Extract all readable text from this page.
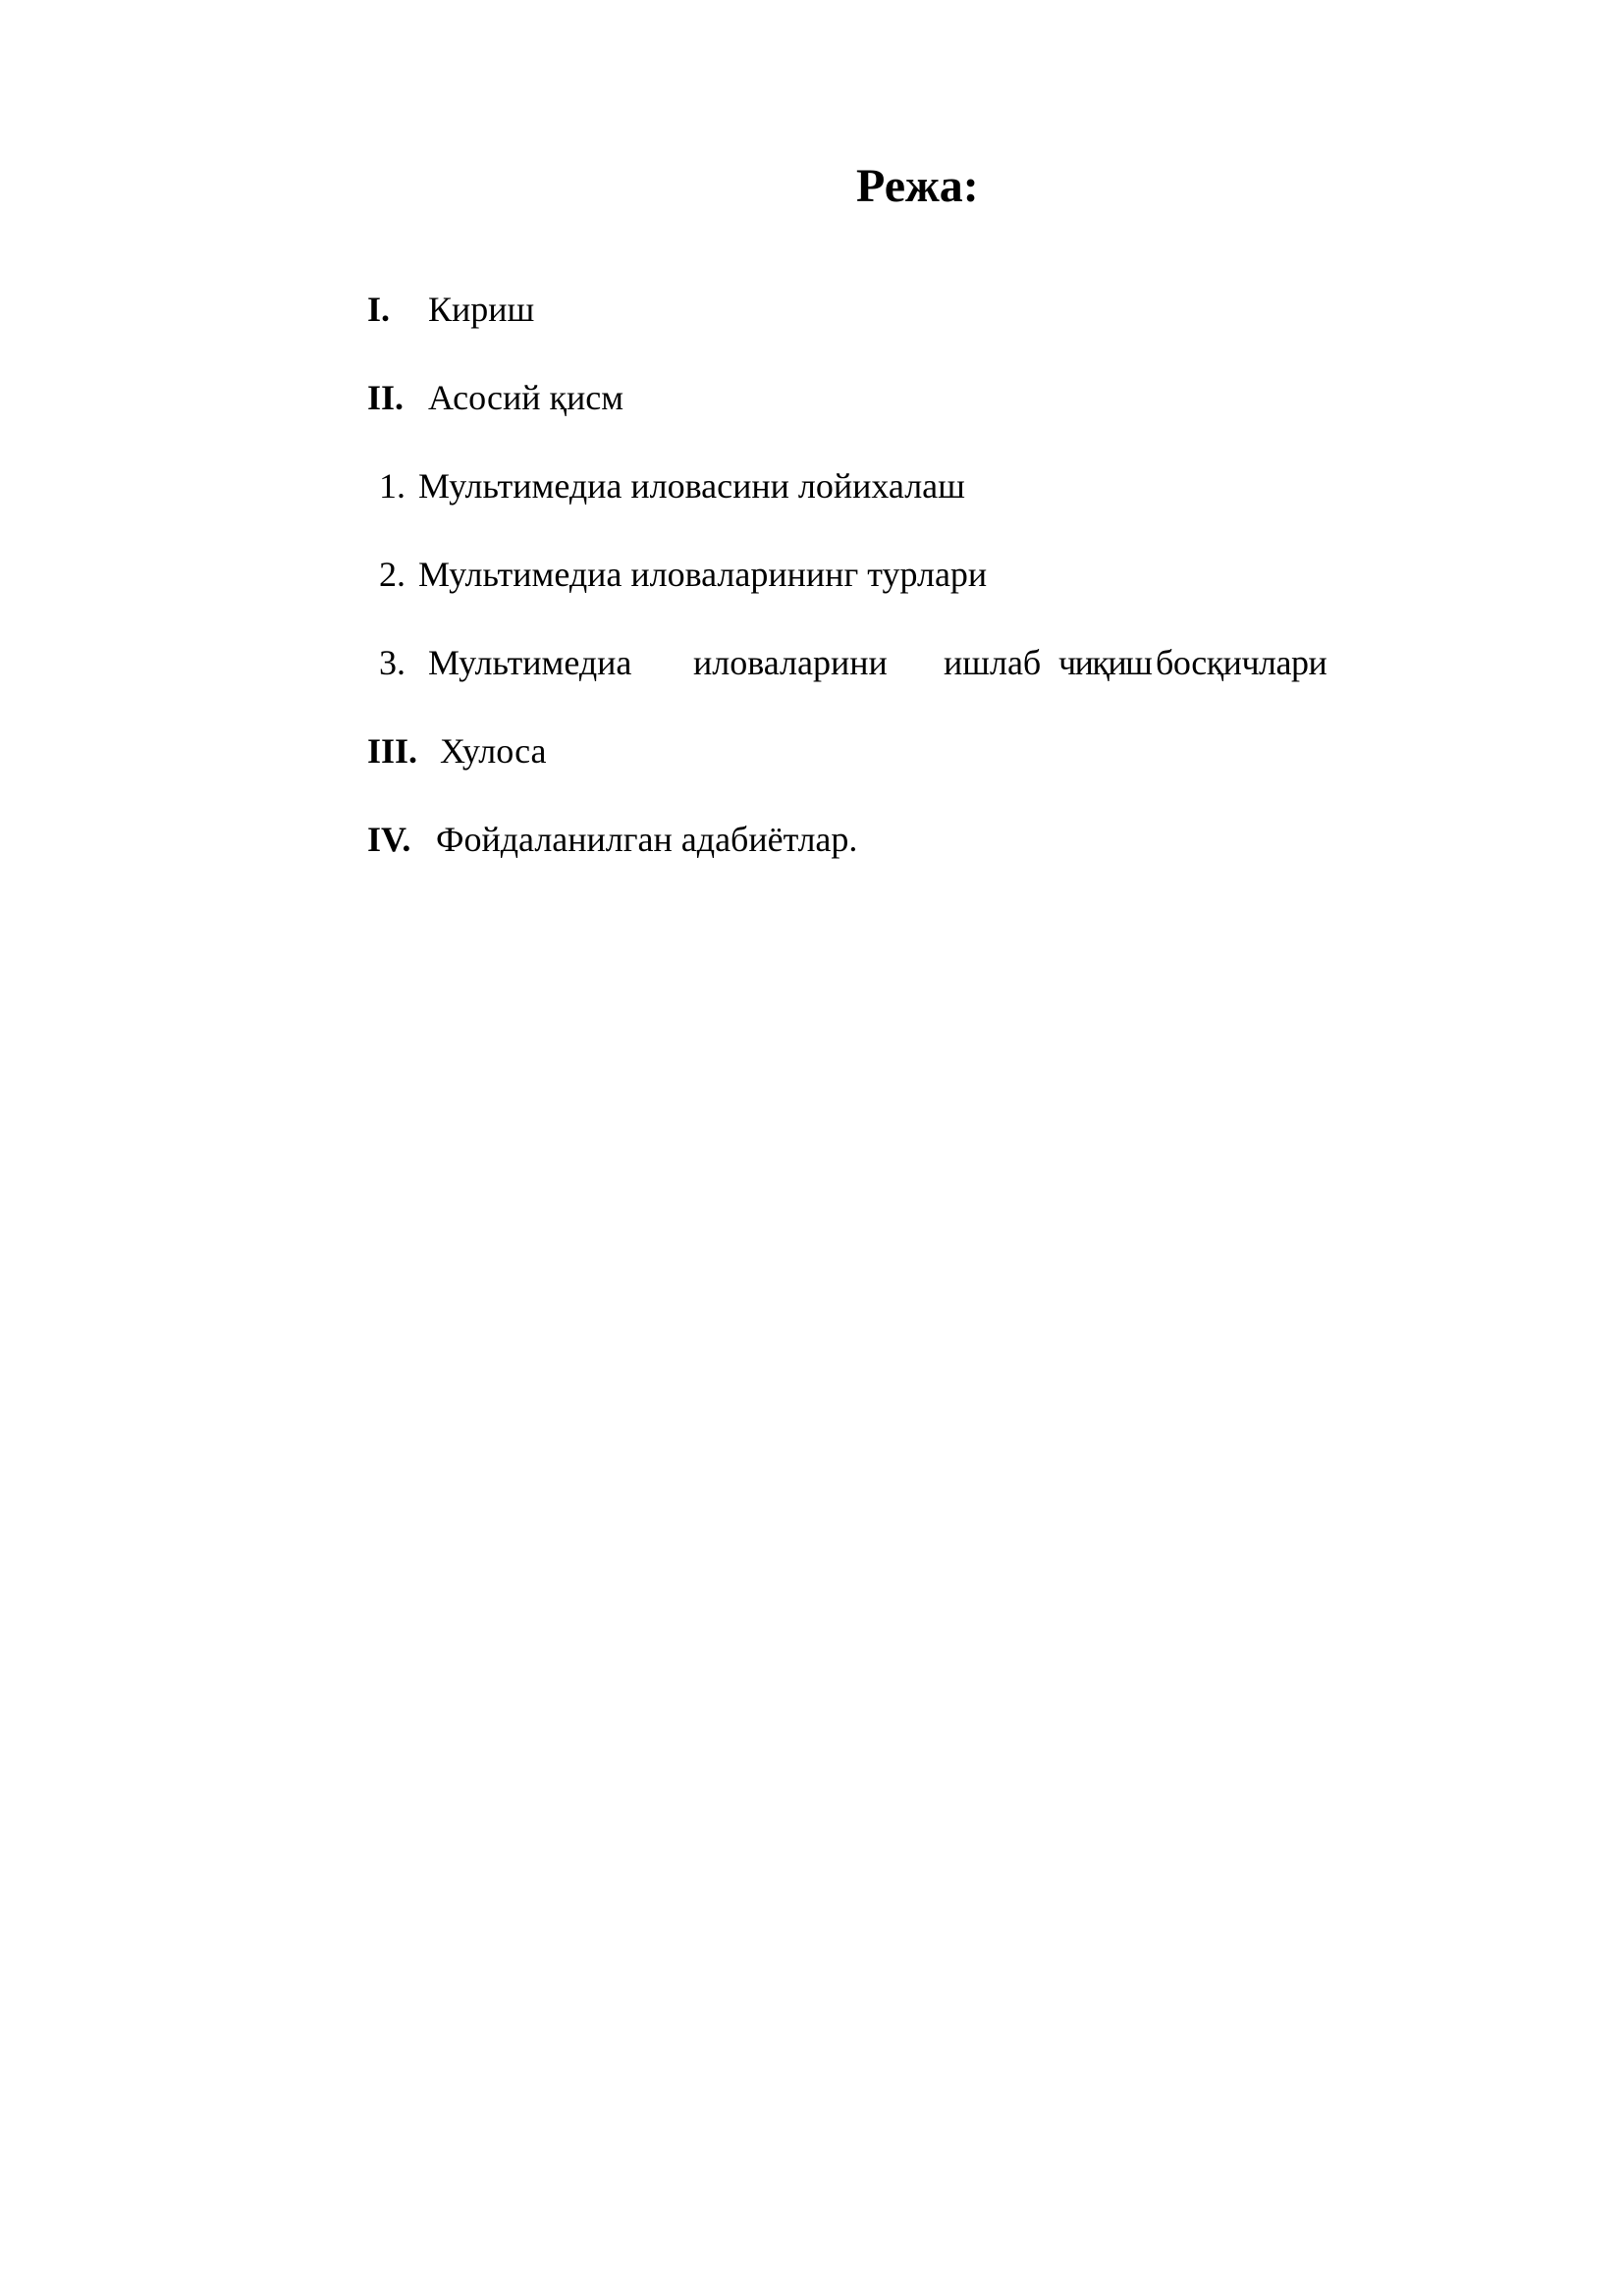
Режа:
I. Кириш
II. Асосий қисм
1. Мультимедиа иловасини лойихалаш
2. Мультимедиа иловаларининг турлари
3. Мультимедиа иловаларини ишлаб чиқиш босқичлари
III. Хулоса
IV. Фойдаланилган адабиётлар.
